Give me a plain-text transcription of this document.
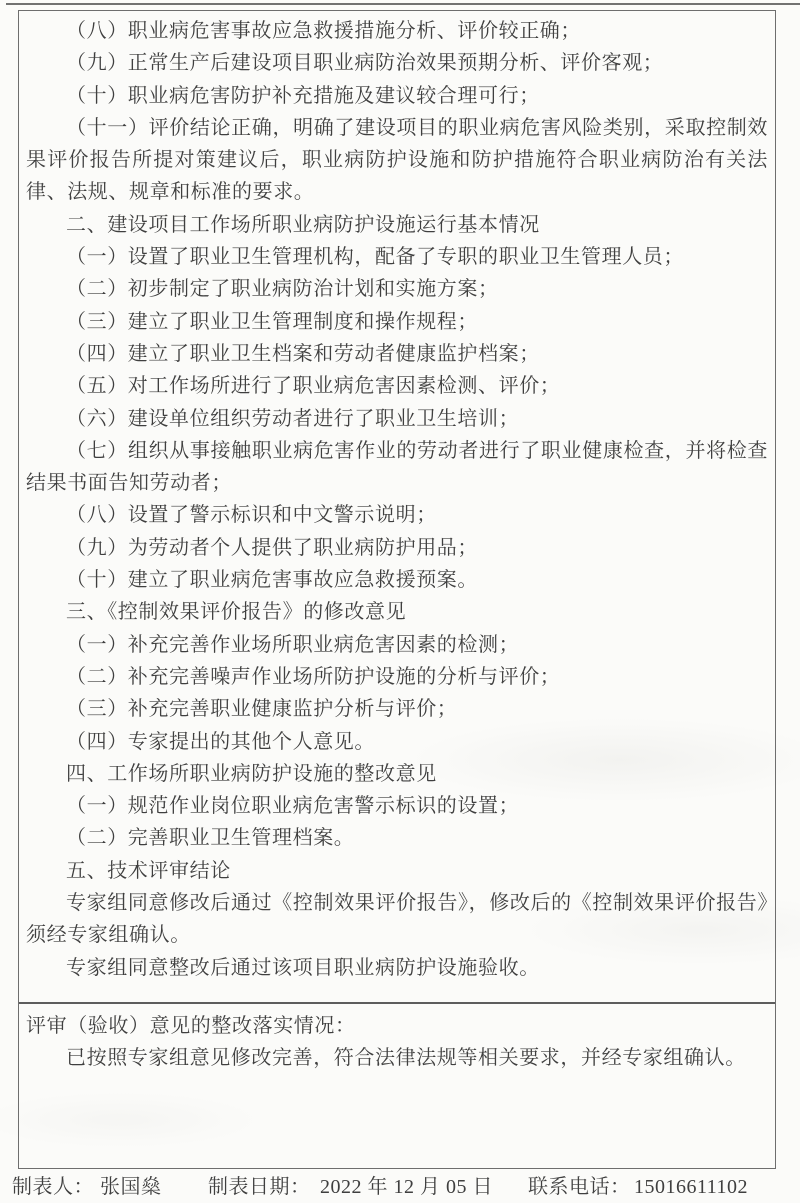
（八）职业病危害事故应急救援措施分析、评价较正确；

（九）正常生产后建设项目职业病防治效果预期分析、评价客观；

（十）职业病危害防护补充措施及建议较合理可行；

（十一）评价结论正确，明确了建设项目的职业病危害风险类别，采取控制效果评价报告所提对策建议后，职业病防护设施和防护措施符合职业病防治有关法律、法规、规章和标准的要求。

二、建设项目工作场所职业病防护设施运行基本情况

（一）设置了职业卫生管理机构，配备了专职的职业卫生管理人员；

（二）初步制定了职业病防治计划和实施方案；

（三）建立了职业卫生管理制度和操作规程；

（四）建立了职业卫生档案和劳动者健康监护档案；

（五）对工作场所进行了职业病危害因素检测、评价；

（六）建设单位组织劳动者进行了职业卫生培训；

（七）组织从事接触职业病危害作业的劳动者进行了职业健康检查，并将检查结果书面告知劳动者；

（八）设置了警示标识和中文警示说明；

（九）为劳动者个人提供了职业病防护用品；

（十）建立了职业病危害事故应急救援预案。

三、《控制效果评价报告》的修改意见

（一）补充完善作业场所职业病危害因素的检测；

（二）补充完善噪声作业场所防护设施的分析与评价；

（三）补充完善职业健康监护分析与评价；

（四）专家提出的其他个人意见。

四、工作场所职业病防护设施的整改意见

（一）规范作业岗位职业病危害警示标识的设置；

（二）完善职业卫生管理档案。

五、技术评审结论

专家组同意修改后通过《控制效果评价报告》，修改后的《控制效果评价报告》须经专家组确认。

专家组同意整改后通过该项目职业病防护设施验收。

评审（验收）意见的整改落实情况：

已按照专家组意见修改完善，符合法律法规等相关要求，并经专家组确认。

制表人： 张国燊 制表日期： 2022 年 12 月 05 日 联系电话： 15016611102
